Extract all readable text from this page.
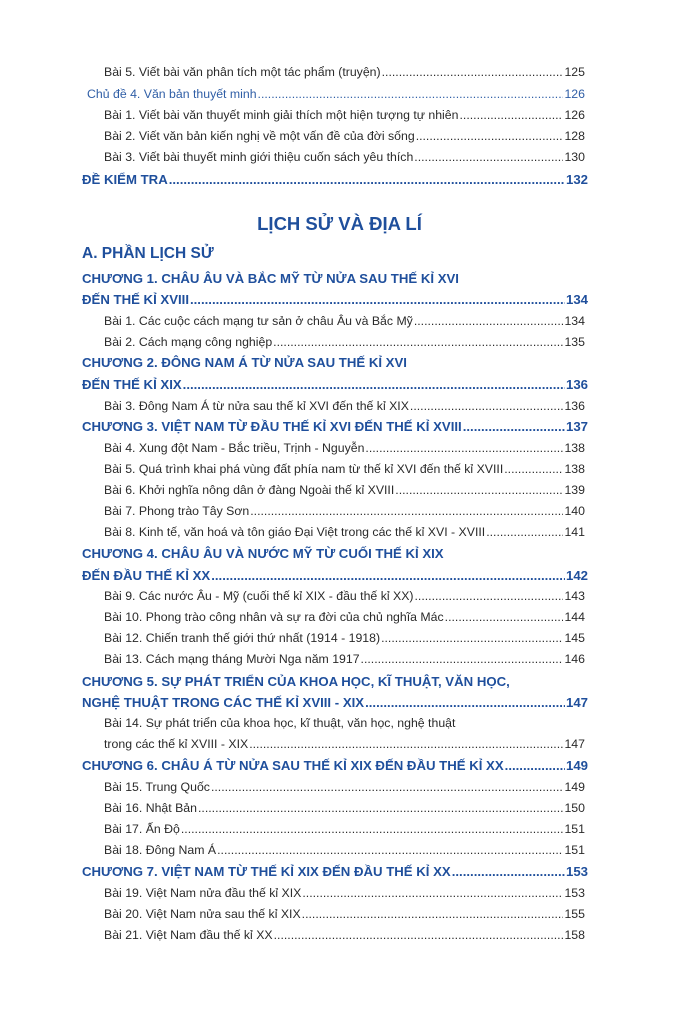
Bài 5. Viết bài văn phân tích một tác phẩm (truyện) .....	125
Chủ đề 4. Văn bản thuyết minh .....	126
Bài 1. Viết bài văn thuyết minh giải thích một hiện tượng tự nhiên .....	126
Bài 2. Viết văn bản kiến nghị về một vấn đề của đời sống .....	128
Bài 3. Viết bài thuyết minh giới thiệu cuốn sách yêu thích .....	130
ĐỀ KIỂM TRA .....	132
LỊCH SỬ VÀ ĐỊA LÍ
A. PHẦN LỊCH SỬ
CHƯƠNG 1. CHÂU ÂU VÀ BẮC MỸ TỪ NỬA SAU THẾ KỈ XVI
ĐẾN THẾ KỈ XVIII .....	134
Bài 1. Các cuộc cách mạng tư sản ở châu Âu và Bắc Mỹ .....	134
Bài 2. Cách mạng công nghiệp .....	135
CHƯƠNG 2. ĐÔNG NAM Á TỪ NỬA SAU THẾ KỈ XVI
ĐẾN THẾ KỈ XIX .....	136
Bài 3. Đông Nam Á từ nửa sau thế kỉ XVI đến thế kỉ XIX .....	136
CHƯƠNG 3. VIỆT NAM TỪ ĐẦU THẾ KỈ XVI ĐẾN THẾ KỈ XVIII .....	137
Bài 4. Xung đột Nam - Bắc triều, Trịnh - Nguyễn .....	138
Bài 5. Quá trình khai phá vùng đất phía nam từ thế kỉ XVI đến thế kỉ XVIII .....	138
Bài 6. Khởi nghĩa nông dân ở đàng Ngoài thế kỉ XVIII .....	139
Bài 7. Phong trào Tây Sơn .....	140
Bài 8. Kinh tế, văn hoá và tôn giáo Đại Việt trong các thế kỉ XVI - XVIII .....	141
CHƯƠNG 4. CHÂU ÂU VÀ NƯỚC MỸ TỪ CUỐI THẾ KỈ XIX
ĐẾN ĐẦU THẾ KỈ XX .....	142
Bài 9. Các nước Âu - Mỹ (cuối thế kỉ XIX - đầu thế kỉ XX) .....	143
Bài 10. Phong trào công nhân và sự ra đời của chủ nghĩa Mác .....	144
Bài 12. Chiến tranh thế giới thứ nhất (1914 - 1918) .....	145
Bài 13. Cách mạng tháng Mười Nga năm 1917 .....	146
CHƯƠNG 5. SỰ PHÁT TRIỂN CỦA KHOA HỌC, KĨ THUẬT, VĂN HỌC,
NGHỆ THUẬT TRONG CÁC THẾ KỈ XVIII - XIX .....	147
Bài 14. Sự phát triển của khoa học, kĩ thuật, văn học, nghệ thuật
trong các thế kỉ XVIII - XIX .....	147
CHƯƠNG 6. CHÂU Á TỪ NỬA SAU THẾ KỈ XIX ĐẾN ĐẦU THẾ KỈ XX .....	149
Bài 15. Trung Quốc .....	149
Bài 16. Nhật Bản .....	150
Bài 17. Ấn Độ .....	151
Bài 18. Đông Nam Á .....	151
CHƯƠNG 7. VIỆT NAM TỪ THẾ KỈ XIX ĐẾN ĐẦU THẾ KỈ XX .....	153
Bài 19. Việt Nam nửa đầu thế kỉ XIX .....	153
Bài 20. Việt Nam nửa sau thế kỉ XIX .....	155
Bài 21. Việt Nam đầu thế kỉ XX .....	158
